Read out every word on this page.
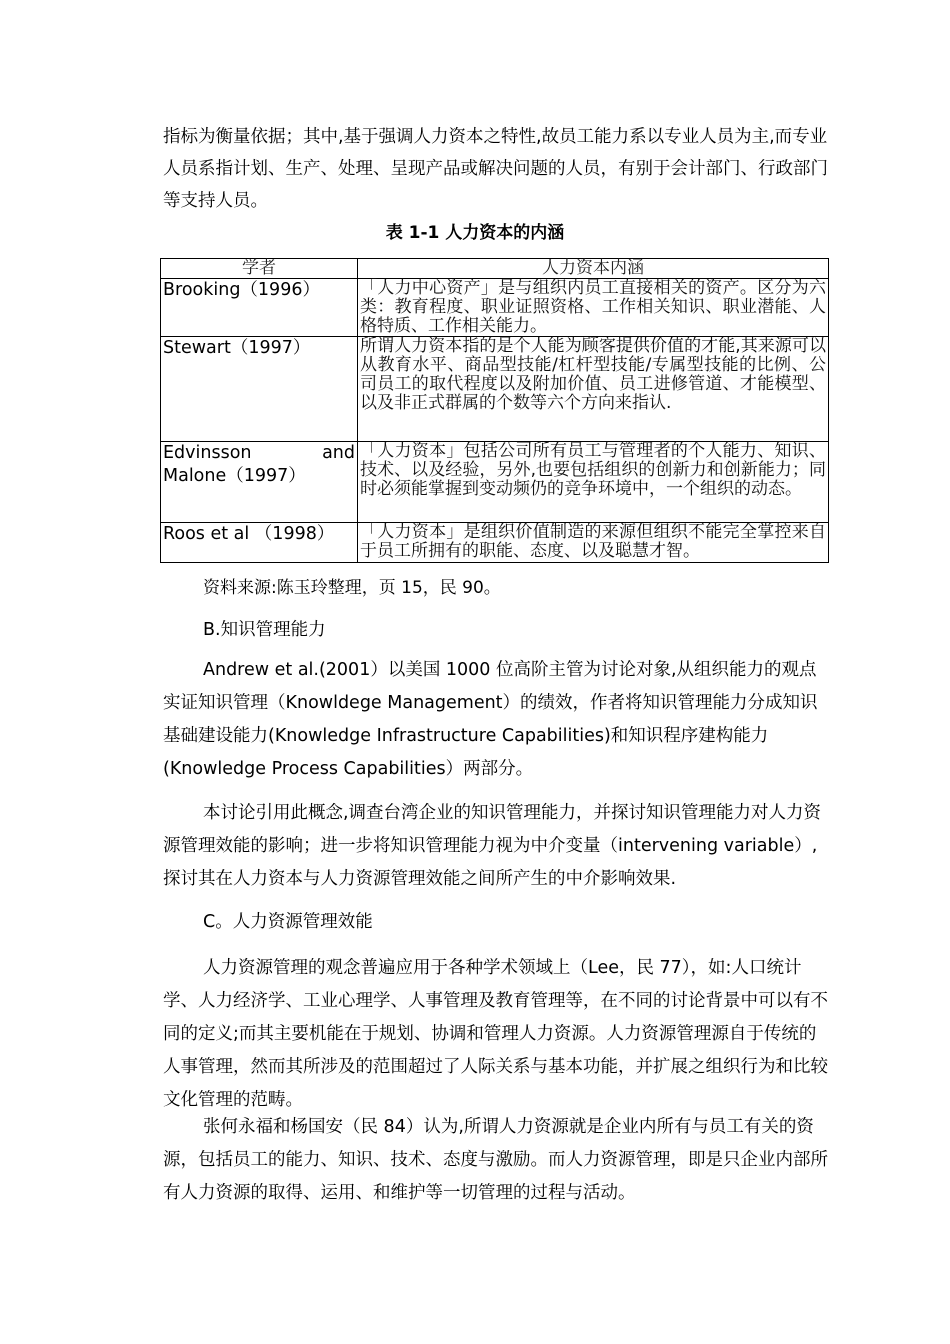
指标为衡量依据；其中,基于强调人力资本之特性,故员工能力系以专业人员为主,而专业人员系指计划、生产、处理、呈现产品或解决问题的人员，有别于会计部门、行政部门等支持人员。

表 1-1 人力资本的内涵

学者	人力资本内涵
Brooking（1996）	「人力中心资产」是与组织内员工直接相关的资产。区分为六类：教育程度、职业证照资格、工作相关知识、职业潜能、人格特质、工作相关能力。
Stewart（1997）	所谓人力资本指的是个人能为顾客提供价值的才能,其来源可以从教育水平、商品型技能/杠杆型技能/专属型技能的比例、公司员工的取代程度以及附加价值、员工进修管道、才能模型、以及非正式群属的个数等六个方向来指认.

Edvinsson and
Malone（1997）	「人力资本」包括公司所有员工与管理者的个人能力、知识、技术、以及经验，另外,也要包括组织的创新力和创新能力；同时必须能掌握到变动频仍的竞争环境中，一个组织的动态。
Roos et al （1998）	「人力资本」是组织价值制造的来源但组织不能完全掌控来自于员工所拥有的职能、态度、以及聪慧才智。

资料来源:陈玉玲整理，页 15，民 90。

B.知识管理能力

Andrew et al.(2001）以美国 1000 位高阶主管为讨论对象,从组织能力的观点实证知识管理（Knowldege Management）的绩效，作者将知识管理能力分成知识基础建设能力(Knowledge Infrastructure Capabilities)和知识程序建构能力(Knowledge Process Capabilities）两部分。

本讨论引用此概念,调查台湾企业的知识管理能力，并探讨知识管理能力对人力资源管理效能的影响；进一步将知识管理能力视为中介变量（intervening variable）,探讨其在人力资本与人力资源管理效能之间所产生的中介影响效果.

C。人力资源管理效能

人力资源管理的观念普遍应用于各种学术领域上（Lee，民 77），如:人口统计学、人力经济学、工业心理学、人事管理及教育管理等，在不同的讨论背景中可以有不同的定义;而其主要机能在于规划、协调和管理人力资源。人力资源管理源自于传统的人事管理，然而其所涉及的范围超过了人际关系与基本功能，并扩展之组织行为和比较文化管理的范畴。

张何永福和杨国安（民 84）认为,所谓人力资源就是企业内所有与员工有关的资源，包括员工的能力、知识、技术、态度与激励。而人力资源管理，即是只企业内部所有人力资源的取得、运用、和维护等一切管理的过程与活动。
